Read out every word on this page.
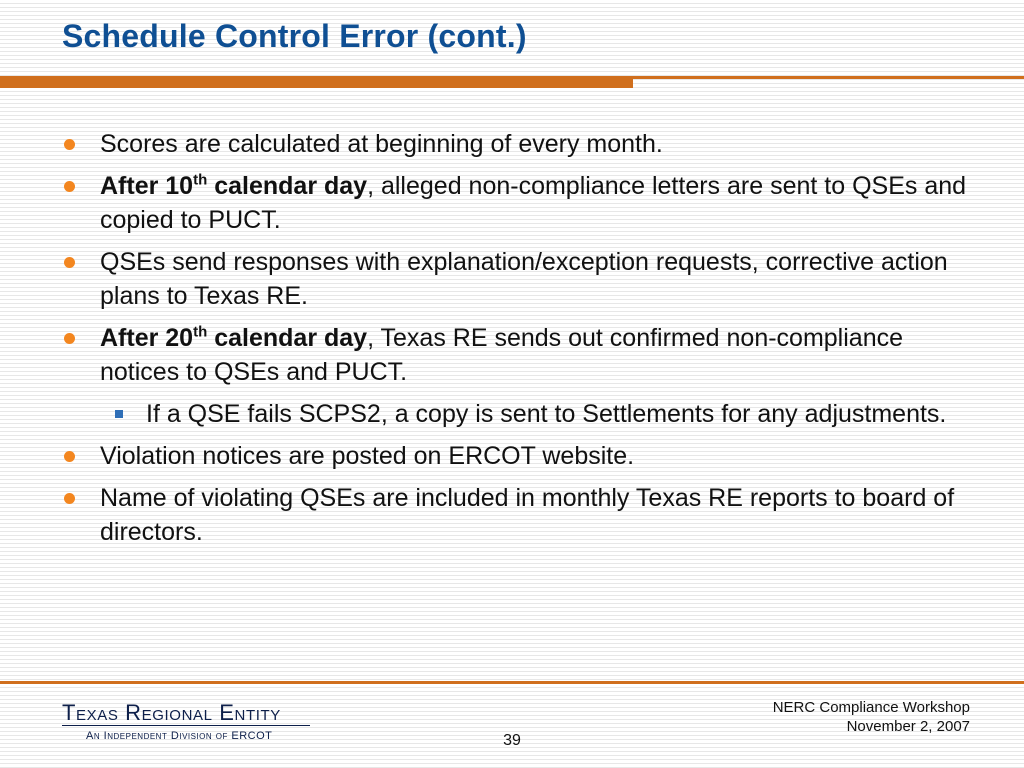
Schedule Control Error (cont.)
Scores are calculated at beginning of every month.
After 10th calendar day, alleged non-compliance letters are sent to QSEs and copied to PUCT.
QSEs send responses with explanation/exception requests, corrective action plans to Texas RE.
After 20th calendar day, Texas RE sends out confirmed non-compliance notices to QSEs and PUCT.
If a QSE fails SCPS2, a copy is sent to Settlements for any adjustments.
Violation notices are posted on ERCOT website.
Name of violating QSEs are included in monthly Texas RE reports to board of directors.
Texas Regional Entity
An Independent Division of ERCOT
NERC Compliance Workshop
November 2, 2007
39
